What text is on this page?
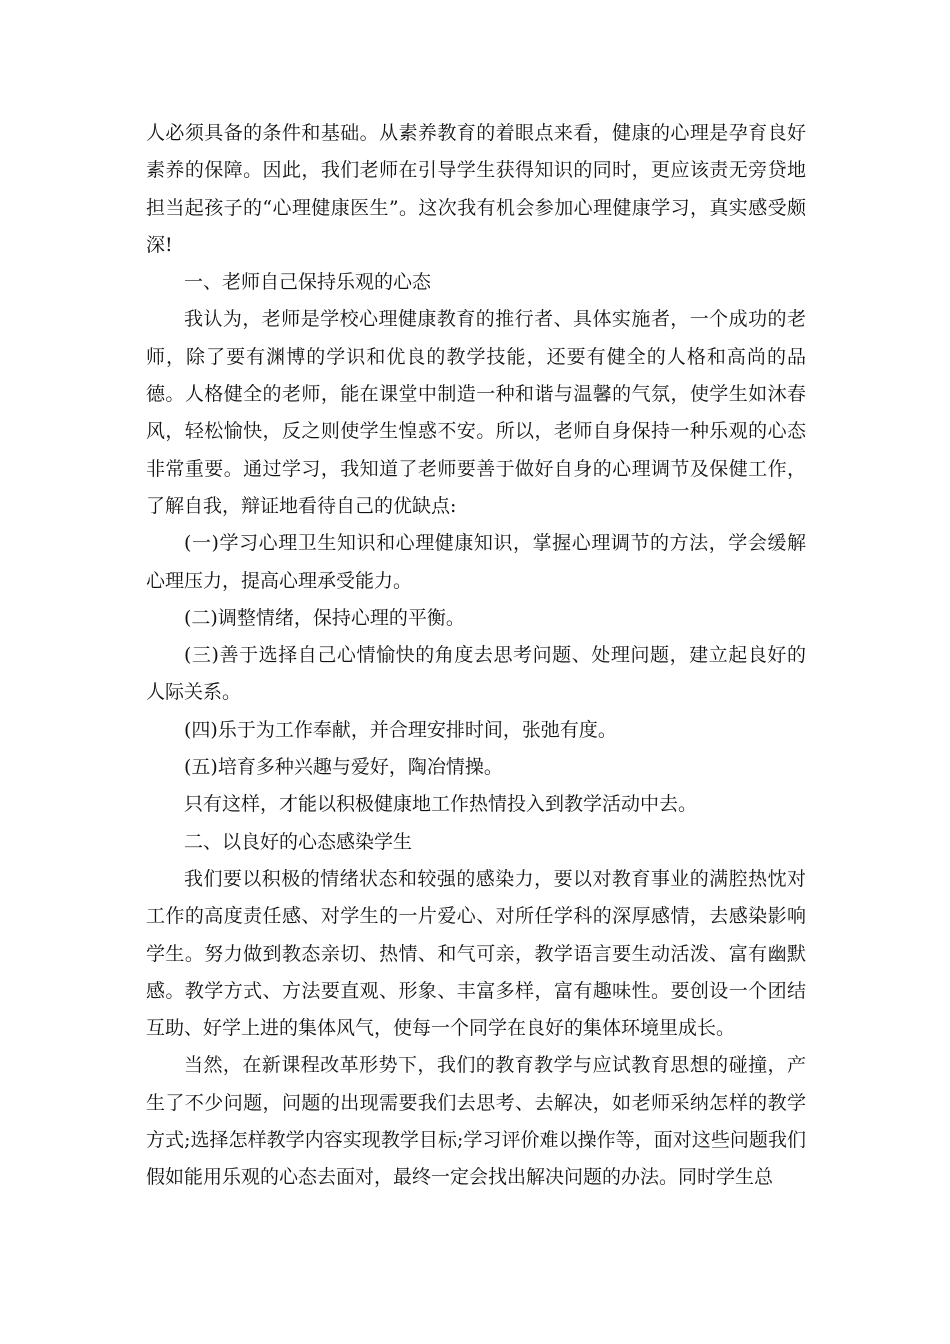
人必须具备的条件和基础。从素养教育的着眼点来看，健康的心理是孕育良好素养的保障。因此，我们老师在引导学生获得知识的同时，更应该责无旁贷地担当起孩子的“心理健康医生”。这次我有机会参加心理健康学习，真实感受颇深!

一、老师自己保持乐观的心态

我认为，老师是学校心理健康教育的推行者、具体实施者，一个成功的老师，除了要有渊博的学识和优良的教学技能，还要有健全的人格和高尚的品德。人格健全的老师，能在课堂中制造一种和谐与温馨的气氛，使学生如沐春风，轻松愉快，反之则使学生惶惑不安。所以，老师自身保持一种乐观的心态非常重要。通过学习，我知道了老师要善于做好自身的心理调节及保健工作，了解自我，辩证地看待自己的优缺点:

(一)学习心理卫生知识和心理健康知识，掌握心理调节的方法，学会缓解心理压力，提高心理承受能力。

(二)调整情绪，保持心理的平衡。

(三)善于选择自己心情愉快的角度去思考问题、处理问题，建立起良好的人际关系。

(四)乐于为工作奉献，并合理安排时间，张弛有度。

(五)培育多种兴趣与爱好，陶冶情操。

只有这样，才能以积极健康地工作热情投入到教学活动中去。

二、以良好的心态感染学生

我们要以积极的情绪状态和较强的感染力，要以对教育事业的满腔热忱对工作的高度责任感、对学生的一片爱心、对所任学科的深厚感情，去感染影响学生。努力做到教态亲切、热情、和气可亲，教学语言要生动活泼、富有幽默感。教学方式、方法要直观、形象、丰富多样，富有趣味性。要创设一个团结互助、好学上进的集体风气，使每一个同学在良好的集体环境里成长。

当然，在新课程改革形势下，我们的教育教学与应试教育思想的碰撞，产生了不少问题，问题的出现需要我们去思考、去解决，如老师采纳怎样的教学方式;选择怎样教学内容实现教学目标;学习评价难以操作等，面对这些问题我们假如能用乐观的心态去面对，最终一定会找出解决问题的办法。同时学生总
